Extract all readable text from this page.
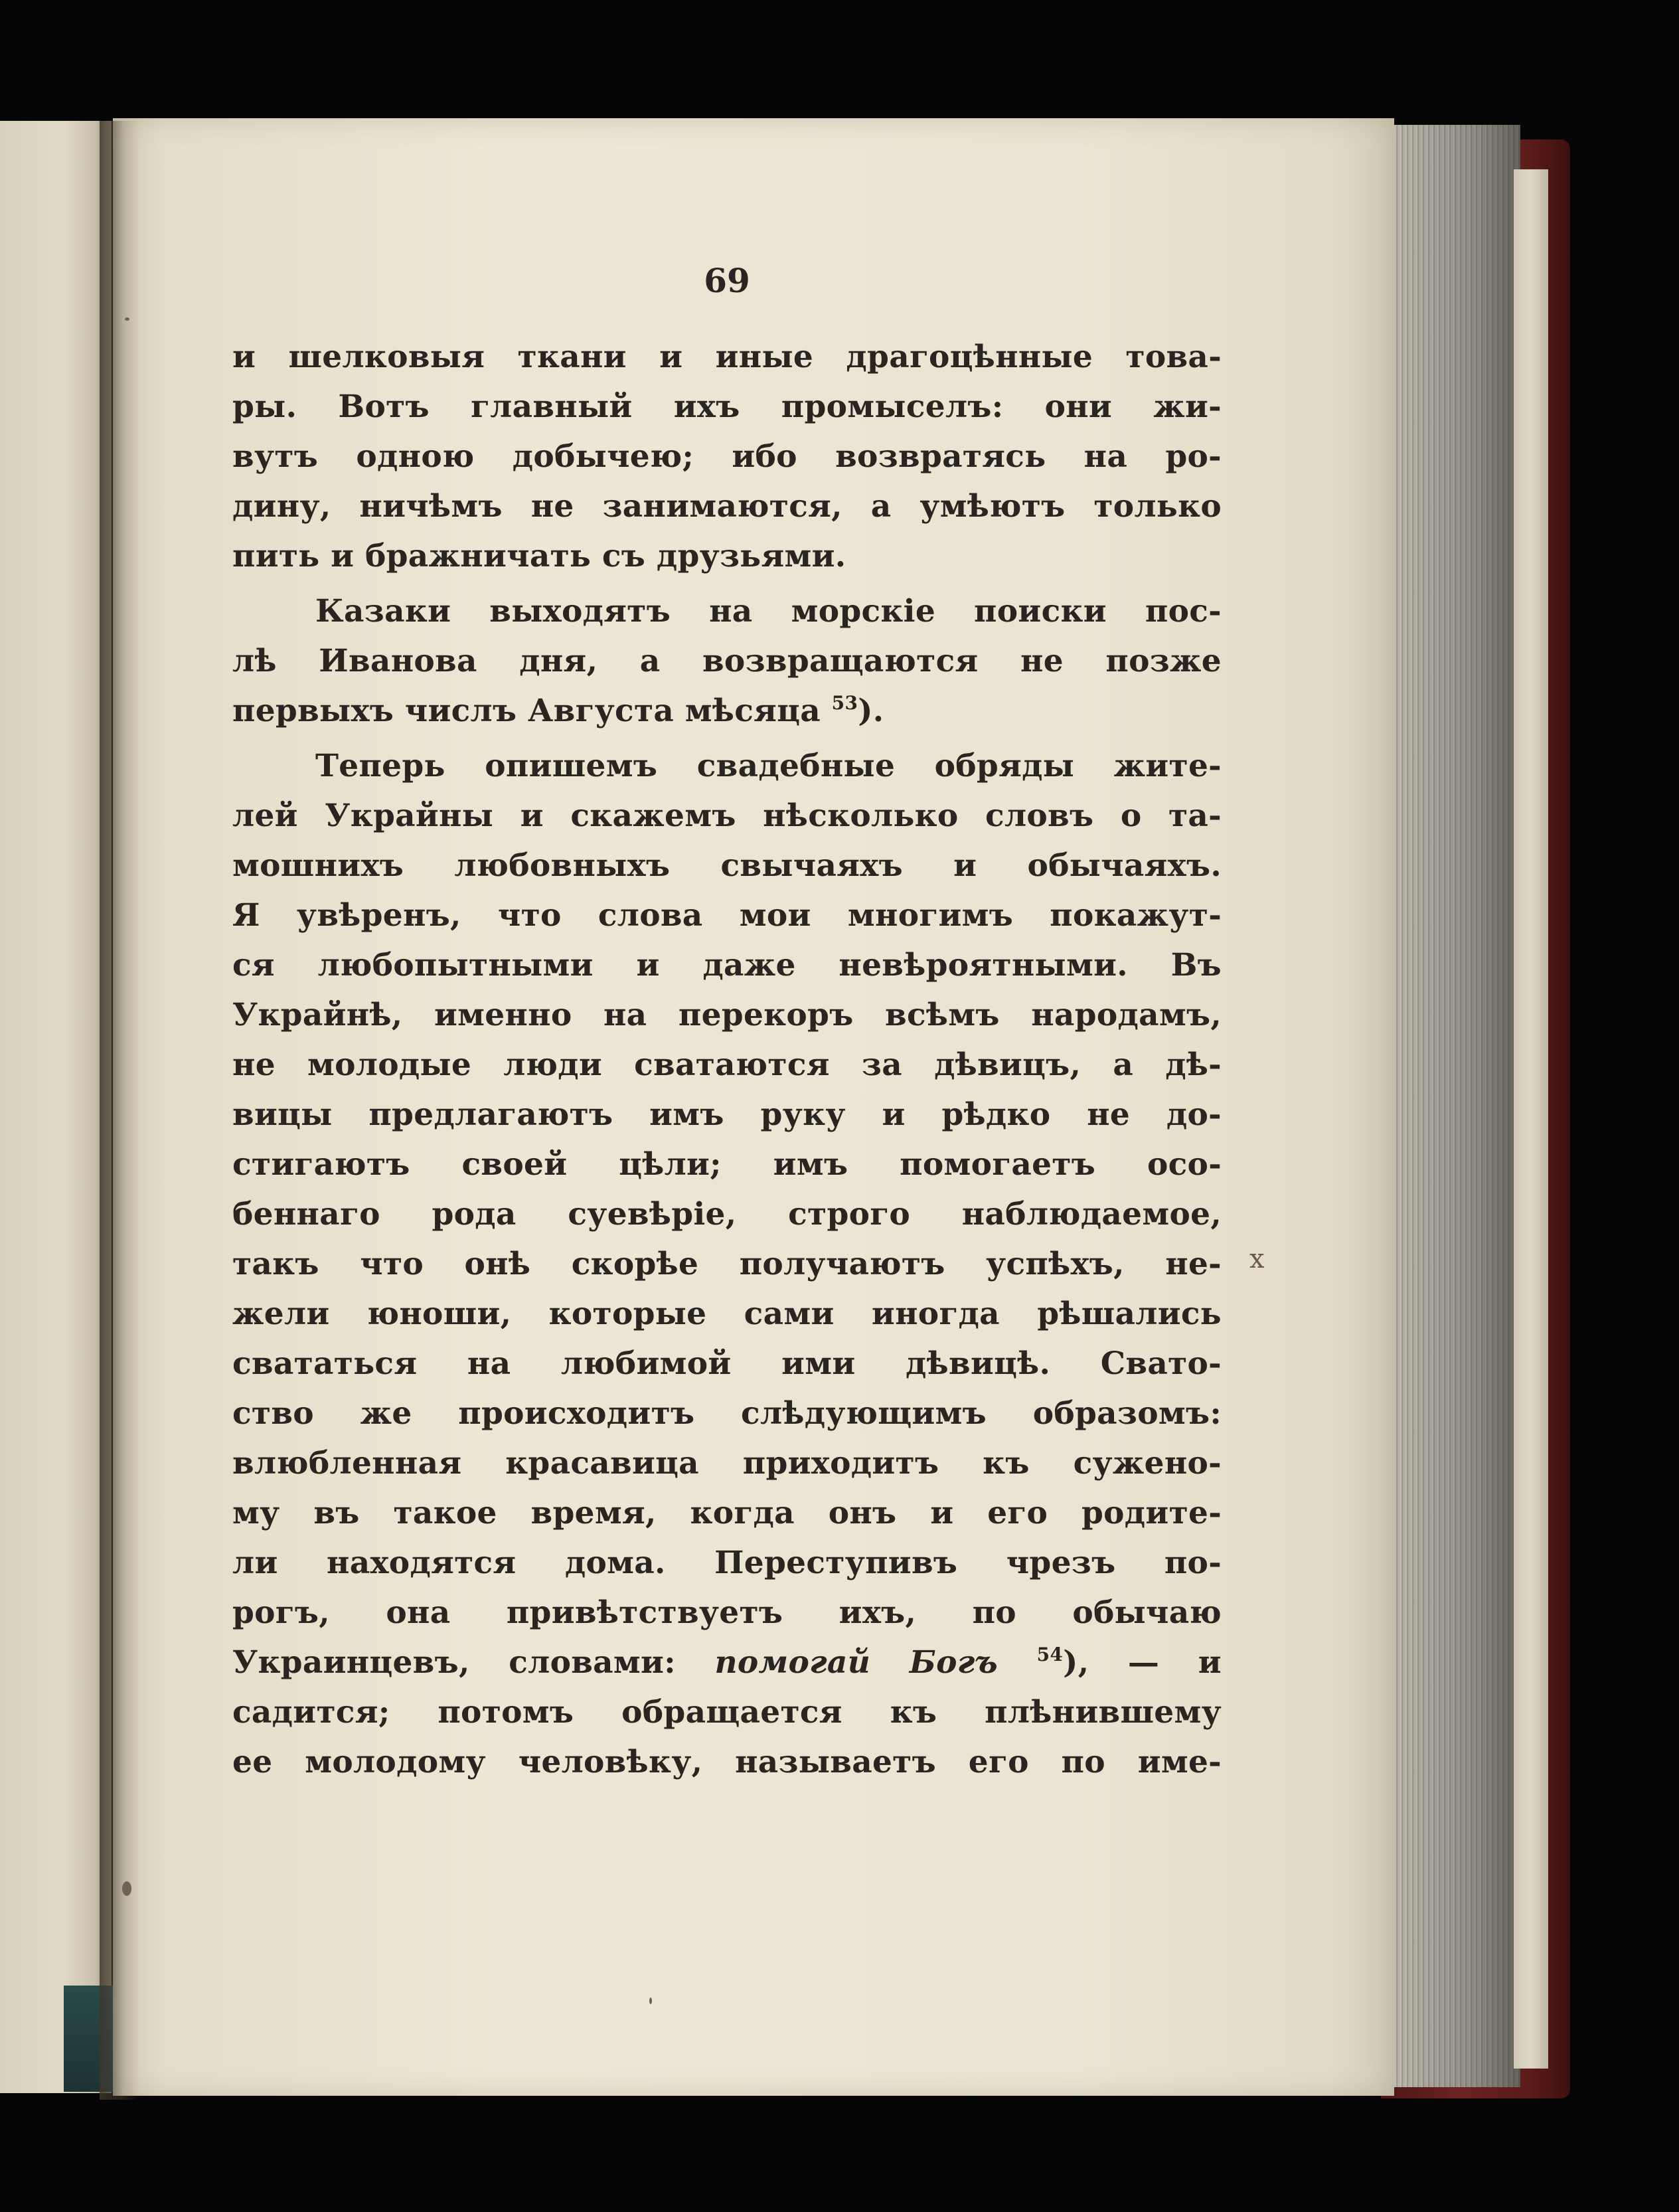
69
и шелковыя ткани и иные драгоцѣнные това-
ры. Вотъ главный ихъ промыселъ: они жи-
вутъ одною добычею; ибо возвратясь на ро-
дину, ничѣмъ не занимаются, а умѣютъ только
пить и бражничать съ друзьями.
Казаки выходятъ на морскіе поиски пос-
лѣ Иванова дня, а возвращаются не позже
первыхъ числъ Августа мѣсяца $^{53}$).
Теперь опишемъ свадебные обряды жите-
лей Украйны и скажемъ нѣсколько словъ о та-
мошнихъ любовныхъ свычаяхъ и обычаяхъ.
Я увѣренъ, что слова мои многимъ покажут-
ся любопытными и даже невѣроятными. Въ
Украйнѣ, именно на перекоръ всѣмъ народамъ,
не молодые люди сватаются за дѣвицъ, а дѣ-
вицы предлагаютъ имъ руку и рѣдко не до-
стигаютъ своей цѣли; имъ помогаетъ осо-
беннаго рода суевѣріе, строго наблюдаемое,
такъ что онѣ скорѣе получаютъ успѣхъ, не-
жели юноши, которые сами иногда рѣшались
свататься на любимой ими дѣвицѣ. Свато-
ство же происходитъ слѣдующимъ образомъ:
влюбленная красавица приходитъ къ сужено-
му въ такое время, когда онъ и его родите-
ли находятся дома. Переступивъ чрезъ по-
рогъ, она привѣтствуетъ ихъ, по обычаю
Украинцевъ, словами: помогай Богъ $^{54}$), — и
садится; потомъ обращается къ плѣнившему
ее молодому человѣку, называетъ его по име-
x
